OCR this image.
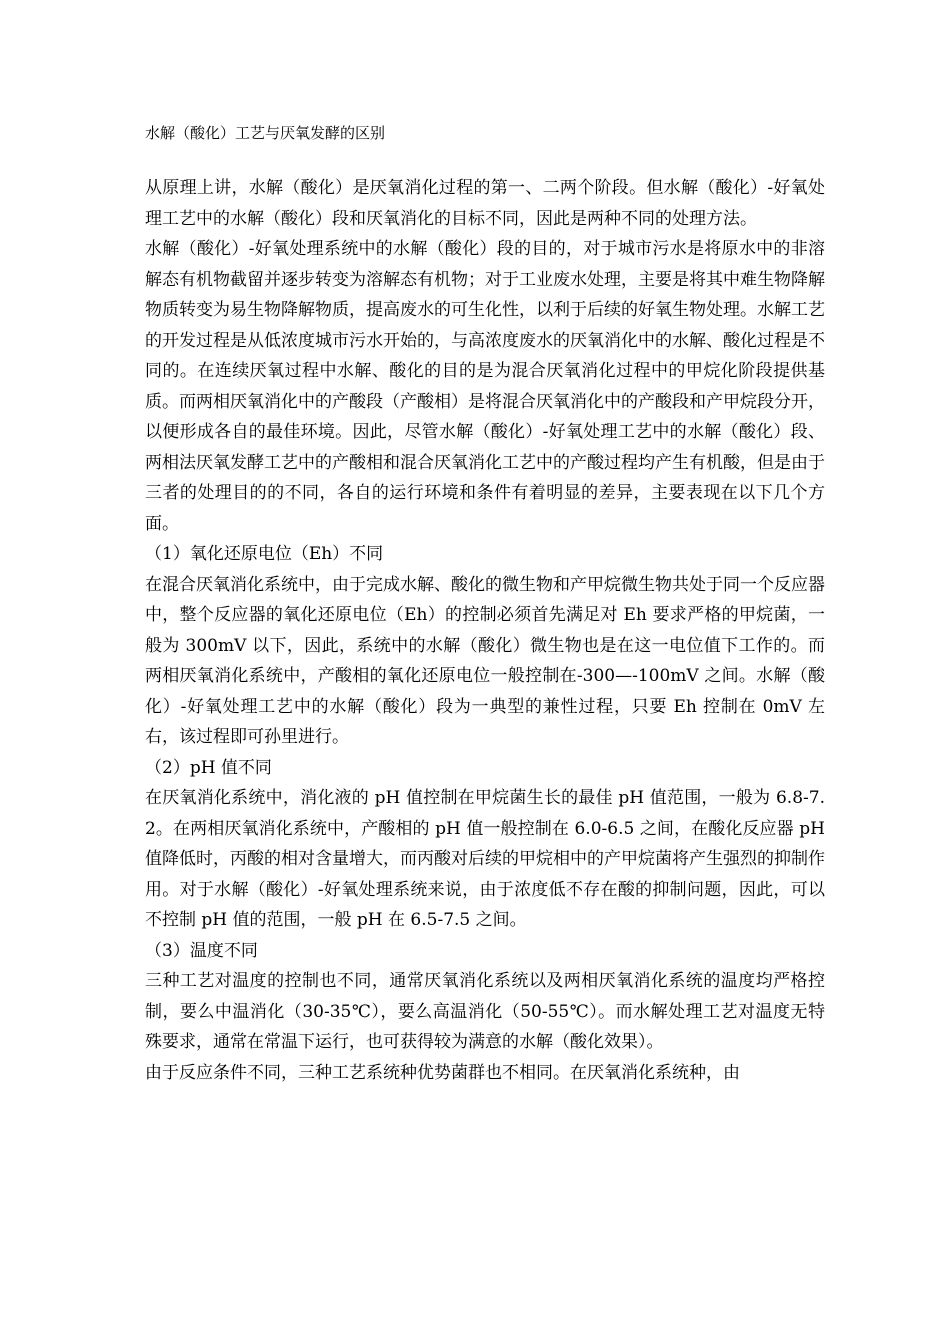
水解（酸化）工艺与厌氧发酵的区别

从原理上讲，水解（酸化）是厌氧消化过程的第一、二两个阶段。但水解（酸化）-好氧处理工艺中的水解（酸化）段和厌氧消化的目标不同，因此是两种不同的处理方法。

水解（酸化）-好氧处理系统中的水解（酸化）段的目的，对于城市污水是将原水中的非溶解态有机物截留并逐步转变为溶解态有机物；对于工业废水处理，主要是将其中难生物降解物质转变为易生物降解物质，提高废水的可生化性，以利于后续的好氧生物处理。水解工艺的开发过程是从低浓度城市污水开始的，与高浓度废水的厌氧消化中的水解、酸化过程是不同的。在连续厌氧过程中水解、酸化的目的是为混合厌氧消化过程中的甲烷化阶段提供基质。而两相厌氧消化中的产酸段（产酸相）是将混合厌氧消化中的产酸段和产甲烷段分开，以便形成各自的最佳环境。因此，尽管水解（酸化）-好氧处理工艺中的水解（酸化）段、两相法厌氧发酵工艺中的产酸相和混合厌氧消化工艺中的产酸过程均产生有机酸，但是由于三者的处理目的的不同，各自的运行环境和条件有着明显的差异，主要表现在以下几个方面。

（1）氧化还原电位（Eh）不同

在混合厌氧消化系统中，由于完成水解、酸化的微生物和产甲烷微生物共处于同一个反应器中，整个反应器的氧化还原电位（Eh）的控制必须首先满足对 Eh 要求严格的甲烷菌，一般为 300mV 以下，因此，系统中的水解（酸化）微生物也是在这一电位值下工作的。而两相厌氧消化系统中，产酸相的氧化还原电位一般控制在-300—-100mV 之间。水解（酸化）-好氧处理工艺中的水解（酸化）段为一典型的兼性过程，只要 Eh 控制在 0mV 左右，该过程即可孙里进行。

（2）pH 值不同

在厌氧消化系统中，消化液的 pH 值控制在甲烷菌生长的最佳 pH 值范围，一般为 6.8-7.2。在两相厌氧消化系统中，产酸相的 pH 值一般控制在 6.0-6.5 之间，在酸化反应器 pH 值降低时，丙酸的相对含量增大，而丙酸对后续的甲烷相中的产甲烷菌将产生强烈的抑制作用。对于水解（酸化）-好氧处理系统来说，由于浓度低不存在酸的抑制问题，因此，可以不控制 pH 值的范围，一般 pH 在 6.5-7.5 之间。

（3）温度不同

三种工艺对温度的控制也不同，通常厌氧消化系统以及两相厌氧消化系统的温度均严格控制，要么中温消化（30-35℃），要么高温消化（50-55℃）。而水解处理工艺对温度无特殊要求，通常在常温下运行，也可获得较为满意的水解（酸化效果）。

由于反应条件不同，三种工艺系统种优势菌群也不相同。在厌氧消化系统种，由
